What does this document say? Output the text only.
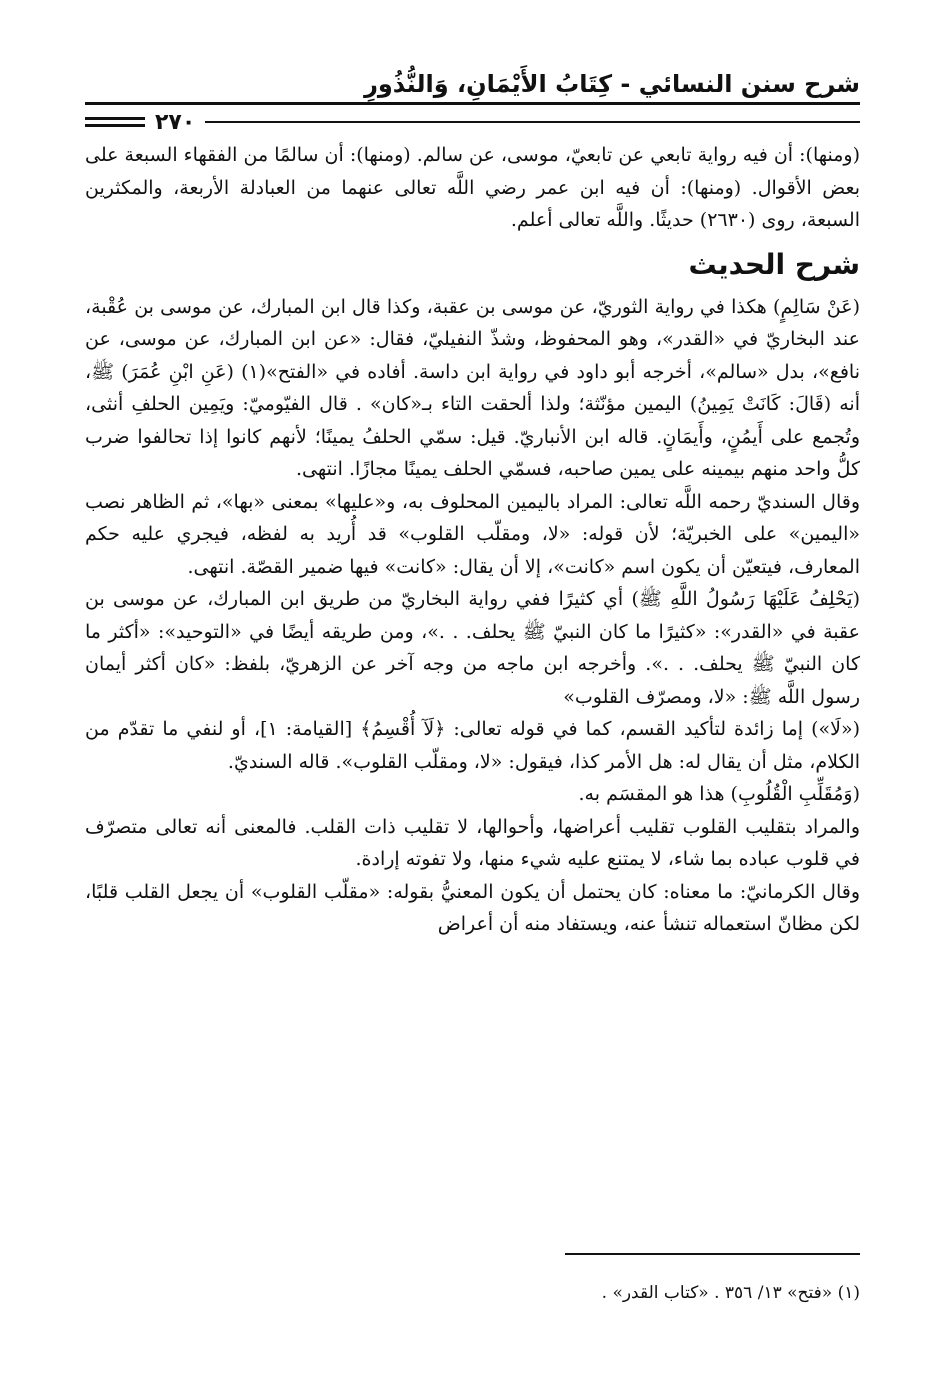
شرح سنن النسائي - كِتَابُ الأَيْمَانِ، وَالنُّذُورِ
٢٧٠

(ومنها): أن فيه رواية تابعي عن تابعيّ، موسى، عن سالم. (ومنها): أن سالمًا من الفقهاء السبعة على بعض الأقوال. (ومنها): أن فيه ابن عمر رضي اللَّه تعالى عنهما من العبادلة الأربعة، والمكثرين السبعة، روى (٢٦٣٠) حديثًا. واللَّه تعالى أعلم.

شرح الحديث

(عَنْ سَالِمٍ) هكذا في رواية الثوريّ، عن موسى بن عقبة، وكذا قال ابن المبارك، عن موسى بن عُقْبة، عند البخاريّ في «القدر»، وهو المحفوظ، وشذّ النفيليّ، فقال: «عن ابن المبارك، عن موسى، عن نافع»، بدل «سالم»، أخرجه أبو داود في رواية ابن داسة. أفاده في «الفتح»(١) (عَنِ ابْنِ عُمَرَ) ﷺ، أنه (قَالَ: كَانَتْ يَمِينُ) اليمين مؤنّثة؛ ولذا ألحقت التاء بـ«كان» . قال الفيّوميّ: ويَمِين الحلفِ أنثى، وتُجمع على أَيمُنٍ، وأَيمَانٍ. قاله ابن الأنباريّ. قيل: سمّي الحلفُ يمينًا؛ لأنهم كانوا إذا تحالفوا ضرب كلُّ واحد منهم بيمينه على يمين صاحبه، فسمّي الحلف يمينًا مجازًا. انتهى.

وقال السنديّ رحمه اللَّه تعالى: المراد باليمين المحلوف به، و«عليها» بمعنى «بها»، ثم الظاهر نصب «اليمين» على الخبريّة؛ لأن قوله: «لا، ومقلّب القلوب» قد أُريد به لفظه، فيجري عليه حكم المعارف، فيتعيّن أن يكون اسم «كانت»، إلا أن يقال: «كانت» فيها ضمير القصّة. انتهى.

(يَحْلِفُ عَلَيْهَا رَسُولُ اللَّهِ ﷺ) أي كثيرًا ففي رواية البخاريّ من طريق ابن المبارك، عن موسى بن عقبة في «القدر»: «كثيرًا ما كان النبيّ ﷺ يحلف. . .»، ومن طريقه أيضًا في «التوحيد»: «أكثر ما كان النبيّ ﷺ يحلف. . .». وأخرجه ابن ماجه من وجه آخر عن الزهريّ، بلفظ: «كان أكثر أيمان رسول اللَّه ﷺ: «لا، ومصرّف القلوب»

(«لَا») إما زائدة لتأكيد القسم، كما في قوله تعالى: ﴿لَآ أُقْسِمُ﴾ [القيامة: ١]، أو لنفي ما تقدّم من الكلام، مثل أن يقال له: هل الأمر كذا، فيقول: «لا، ومقلّب القلوب». قاله السنديّ.

(وَمُقَلِّبِ الْقُلُوبِ) هذا هو المقسَم به.

والمراد بتقليب القلوب تقليب أعراضها، وأحوالها، لا تقليب ذات القلب. فالمعنى أنه تعالى متصرّف في قلوب عباده بما شاء، لا يمتنع عليه شيء منها، ولا تفوته إرادة.

وقال الكرمانيّ: ما معناه: كان يحتمل أن يكون المعنيُّ بقوله: «مقلّب القلوب» أن يجعل القلب قلبًا، لكن مظانّ استعماله تنشأ عنه، ويستفاد منه أن أعراض

(١) «فتح» ١٣/ ٣٥٦ . «كتاب القدر» .
